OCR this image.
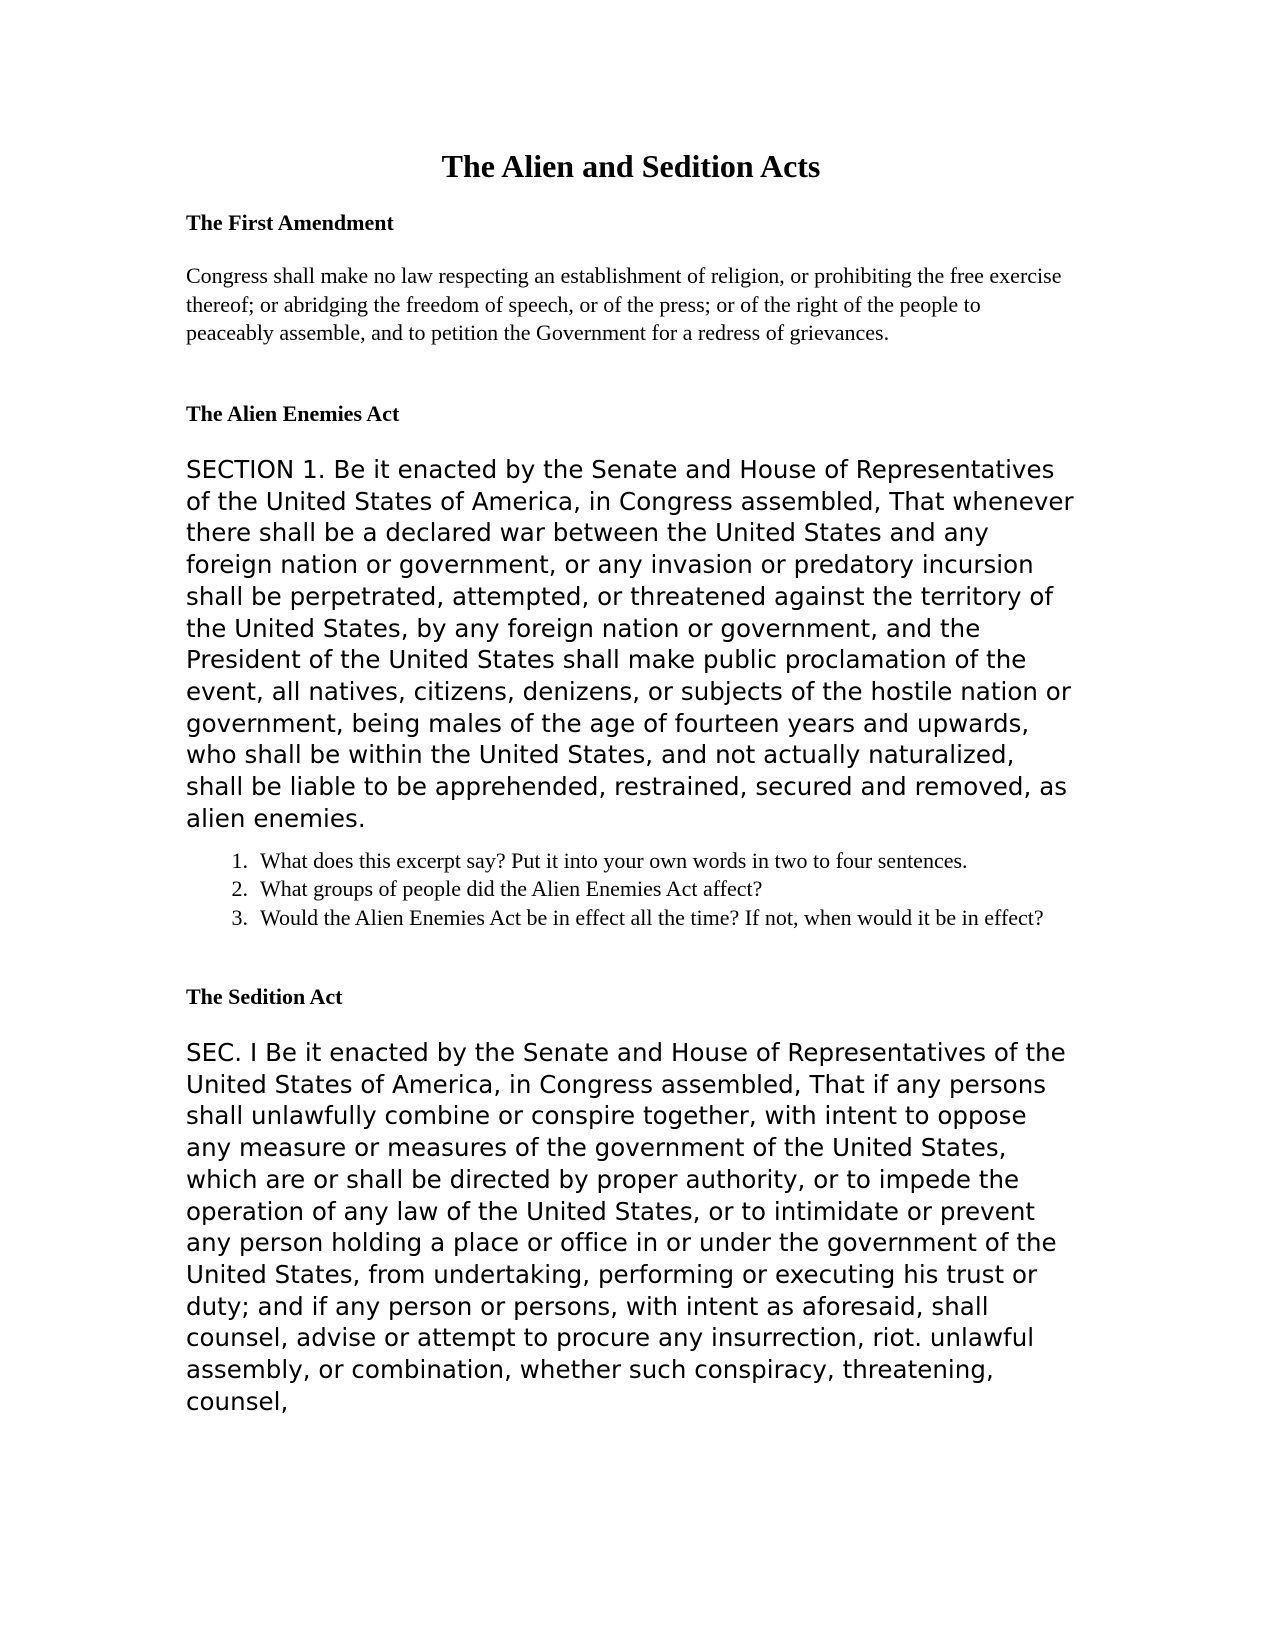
The Alien and Sedition Acts
The First Amendment

Congress shall make no law respecting an establishment of religion, or prohibiting the free exercise thereof; or abridging the freedom of speech, or of the press; or of the right of the people to peaceably assemble, and to petition the Government for a redress of grievances.

The Alien Enemies Act

SECTION 1. Be it enacted by the Senate and House of Representatives of the United States of America, in Congress assembled, That whenever there shall be a declared war between the United States and any foreign nation or government, or any invasion or predatory incursion shall be perpetrated, attempted, or threatened against the territory of the United States, by any foreign nation or government, and the President of the United States shall make public proclamation of the event, all natives, citizens, denizens, or subjects of the hostile nation or government, being males of the age of fourteen years and upwards, who shall be within the United States, and not actually naturalized, shall be liable to be apprehended, restrained, secured and removed, as alien enemies.

1. What does this excerpt say? Put it into your own words in two to four sentences.
2. What groups of people did the Alien Enemies Act affect?
3. Would the Alien Enemies Act be in effect all the time? If not, when would it be in effect?
The Sedition Act

SEC. I Be it enacted by the Senate and House of Representatives of the United States of America, in Congress assembled, That if any persons shall unlawfully combine or conspire together, with intent to oppose any measure or measures of the government of the United States, which are or shall be directed by proper authority, or to impede the operation of any law of the United States, or to intimidate or prevent any person holding a place or office in or under the government of the United States, from undertaking, performing or executing his trust or duty; and if any person or persons, with intent as aforesaid, shall counsel, advise or attempt to procure any insurrection, riot. unlawful assembly, or combination, whether such conspiracy, threatening, counsel,
